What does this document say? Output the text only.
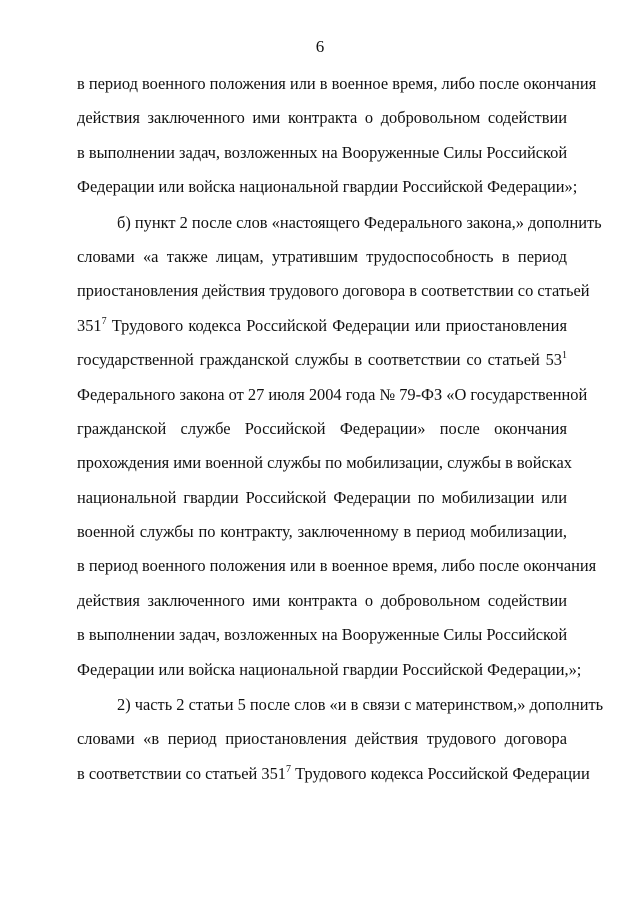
6
в период военного положения или в военное время, либо после окончания
действия заключенного ими контракта о добровольном содействии
в выполнении задач, возложенных на Вооруженные Силы Российской
Федерации или войска национальной гвардии Российской Федерации»;
б) пункт 2 после слов «настоящего Федерального закона,» дополнить
словами «а также лицам, утратившим трудоспособность в период
приостановления действия трудового договора в соответствии со статьей
$351^7$ Трудового кодекса Российской Федерации или приостановления
государственной гражданской службы в соответствии со статьей $53^1$
Федерального закона от 27 июля 2004 года № 79-ФЗ «О государственной
гражданской службе Российской Федерации» после окончания
прохождения ими военной службы по мобилизации, службы в войсках
национальной гвардии Российской Федерации по мобилизации или
военной службы по контракту, заключенному в период мобилизации,
в период военного положения или в военное время, либо после окончания
действия заключенного ими контракта о добровольном содействии
в выполнении задач, возложенных на Вооруженные Силы Российской
Федерации или войска национальной гвардии Российской Федерации,»;
2) часть 2 статьи 5 после слов «и в связи с материнством,» дополнить
словами «в период приостановления действия трудового договора
в соответствии со статьей $351^7$ Трудового кодекса Российской Федерации
